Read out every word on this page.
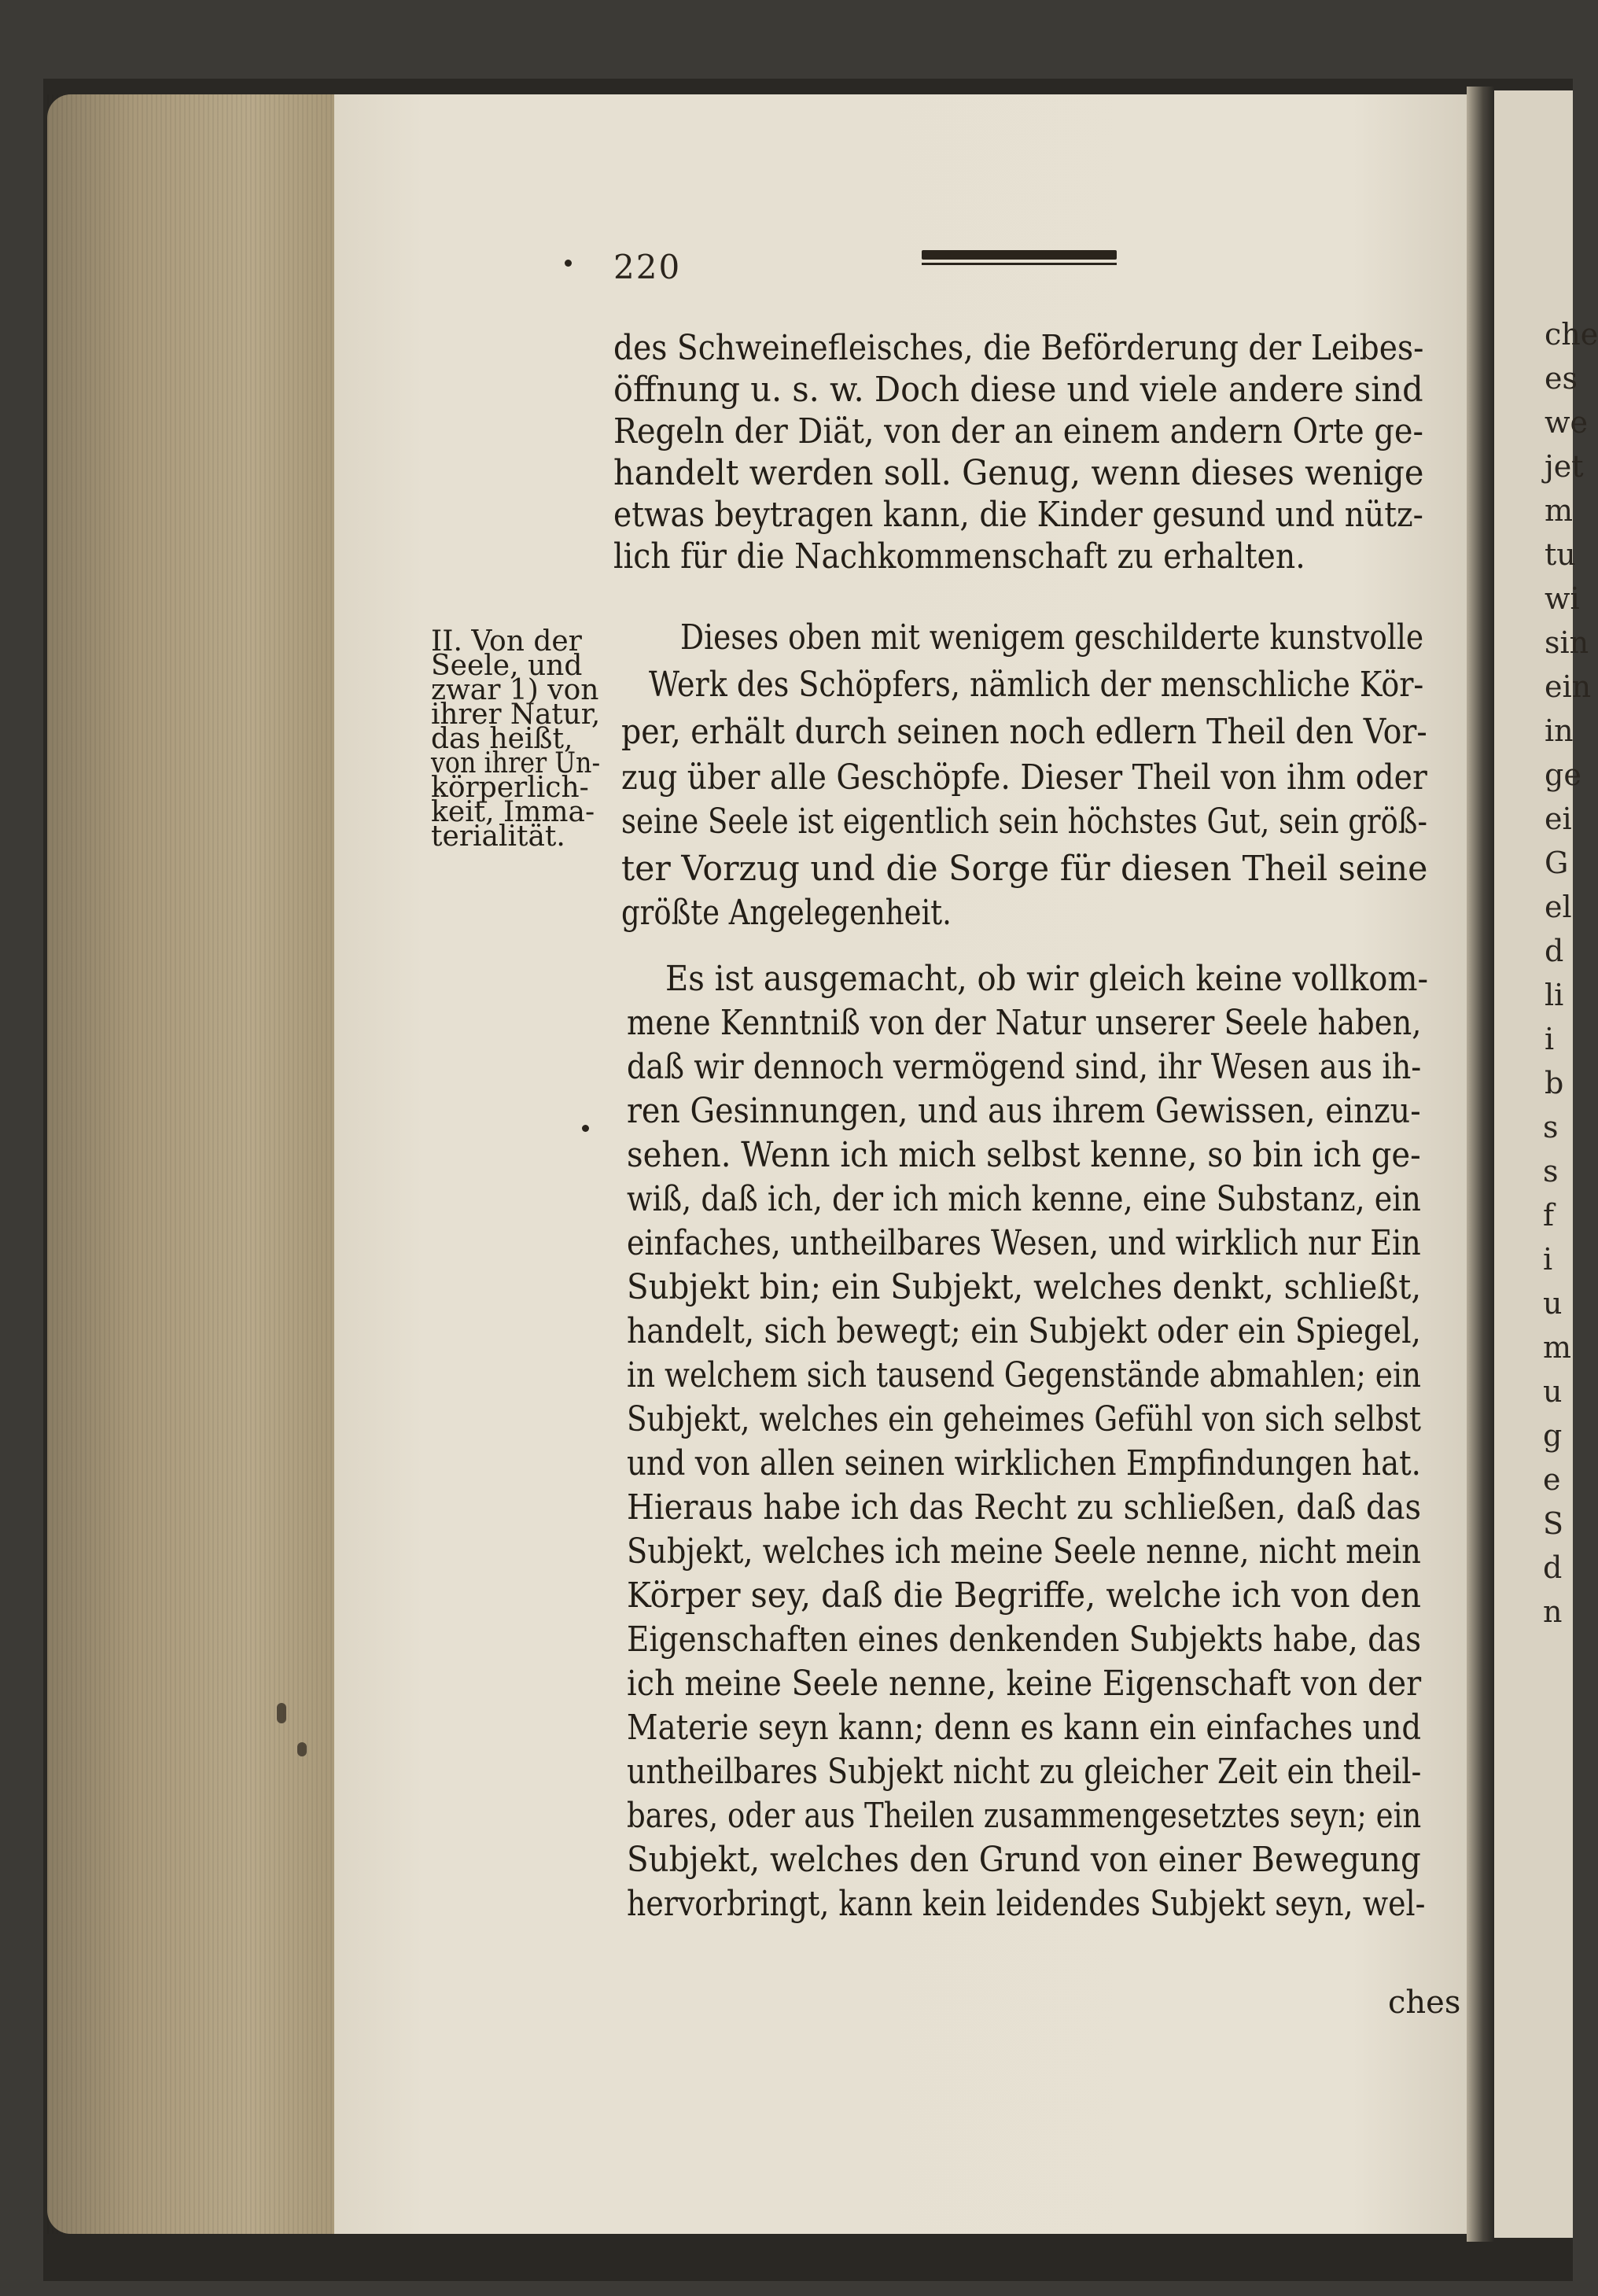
che
es
we
jet
m
tu
wi
sin
ein
in
ge
ei
G
el
d
li
i
b
s
s
f
i
u
m
u
g
e
S
d
n
220
II. Von der
Seele, und
zwar 1) von
ihrer Natur,
das heißt,
von ihrer Un-
körperlich-
keit, Imma-
terialität.
des Schweinefleisches, die Beförderung der Leibes-
öffnung u. s. w. Doch diese und viele andere sind
Regeln der Diät, von der an einem andern Orte ge-
handelt werden soll. Genug, wenn dieses wenige
etwas beytragen kann, die Kinder gesund und nütz-
lich für die Nachkommenschaft zu erhalten.
Dieses oben mit wenigem geschilderte kunstvolle
Werk des Schöpfers, nämlich der menschliche Kör-
per, erhält durch seinen noch edlern Theil den Vor-
zug über alle Geschöpfe. Dieser Theil von ihm oder
seine Seele ist eigentlich sein höchstes Gut, sein größ-
ter Vorzug und die Sorge für diesen Theil seine
größte Angelegenheit.
Es ist ausgemacht, ob wir gleich keine vollkom-
mene Kenntniß von der Natur unserer Seele haben,
daß wir dennoch vermögend sind, ihr Wesen aus ih-
ren Gesinnungen, und aus ihrem Gewissen, einzu-
sehen. Wenn ich mich selbst kenne, so bin ich ge-
wiß, daß ich, der ich mich kenne, eine Substanz, ein
einfaches, untheilbares Wesen, und wirklich nur Ein
Subjekt bin; ein Subjekt, welches denkt, schließt,
handelt, sich bewegt; ein Subjekt oder ein Spiegel,
in welchem sich tausend Gegenstände abmahlen; ein
Subjekt, welches ein geheimes Gefühl von sich selbst
und von allen seinen wirklichen Empfindungen hat.
Hieraus habe ich das Recht zu schließen, daß das
Subjekt, welches ich meine Seele nenne, nicht mein
Körper sey, daß die Begriffe, welche ich von den
Eigenschaften eines denkenden Subjekts habe, das
ich meine Seele nenne, keine Eigenschaft von der
Materie seyn kann; denn es kann ein einfaches und
untheilbares Subjekt nicht zu gleicher Zeit ein theil-
bares, oder aus Theilen zusammengesetztes seyn; ein
Subjekt, welches den Grund von einer Bewegung
hervorbringt, kann kein leidendes Subjekt seyn, wel-
ches
